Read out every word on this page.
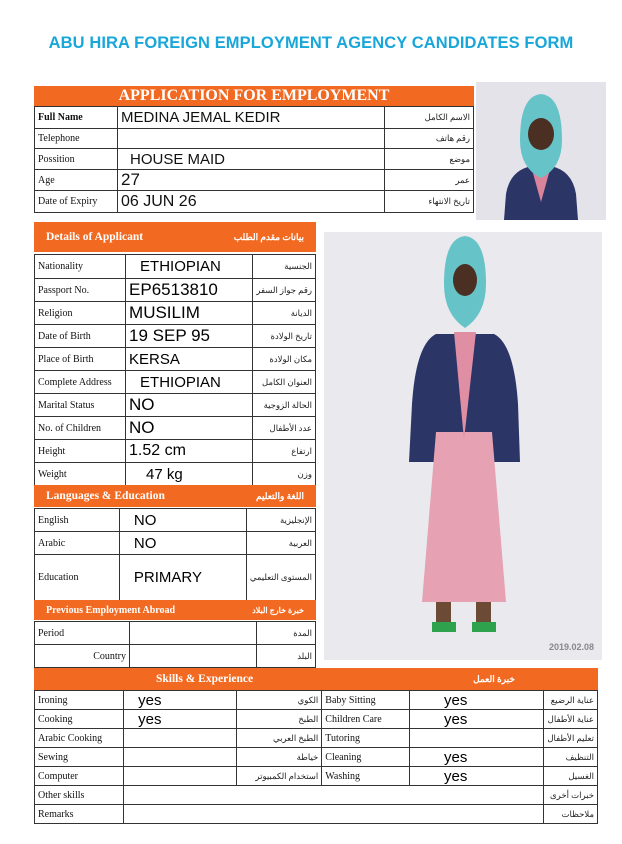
ABU HIRA FOREIGN EMPLOYMENT AGENCY CANDIDATES FORM
APPLICATION FOR EMPLOYMENT
Full Name	MEDINA JEMAL KEDIR	الاسم الكامل
Telephone		رقم هاتف
Possition	HOUSE MAID	موضع
Age	27	عمر
Date of Expiry	06 JUN 26	تاريخ الانتهاء
Details of Applicant	بيانات مقدم الطلب
Nationality	ETHIOPIAN	الجنسية
Passport No.	EP6513810	رقم جواز السفر
Religion	MUSILIM	الديانة
Date of Birth	19 SEP 95	تاريخ الولادة
Place of Birth	KERSA	مكان الولادة
Complete Address	ETHIOPIAN	العنوان الكامل
Marital Status	NO	الحالة الزوجية
No. of Children	NO	عدد الأطفال
Height	1.52 cm	ارتفاع
Weight	47 kg	وزن
Languages & Education	اللغة والتعليم
English	NO	الإنجليزية
Arabic	NO	العربية
Education	PRIMARY	المستوى التعليمي
Previous Employment Abroad	خبرة خارج البلاد
Period		المدة
Country		البلد
2019.02.08
Skills & Experience	خبرة العمل
Ironing	yes	الكوي	Baby Sitting	yes	عناية الرضيع
Cooking	yes	الطبخ	Children Care	yes	عناية الأطفال
Arabic Cooking		الطبخ العربي	Tutoring		تعليم الأطفال
Sewing		خياطة	Cleaning	yes	التنظيف
Computer		استخدام الكمبيوتر	Washing	yes	الغسيل
Other skills					خبرات أخرى
Remarks					ملاحظات
